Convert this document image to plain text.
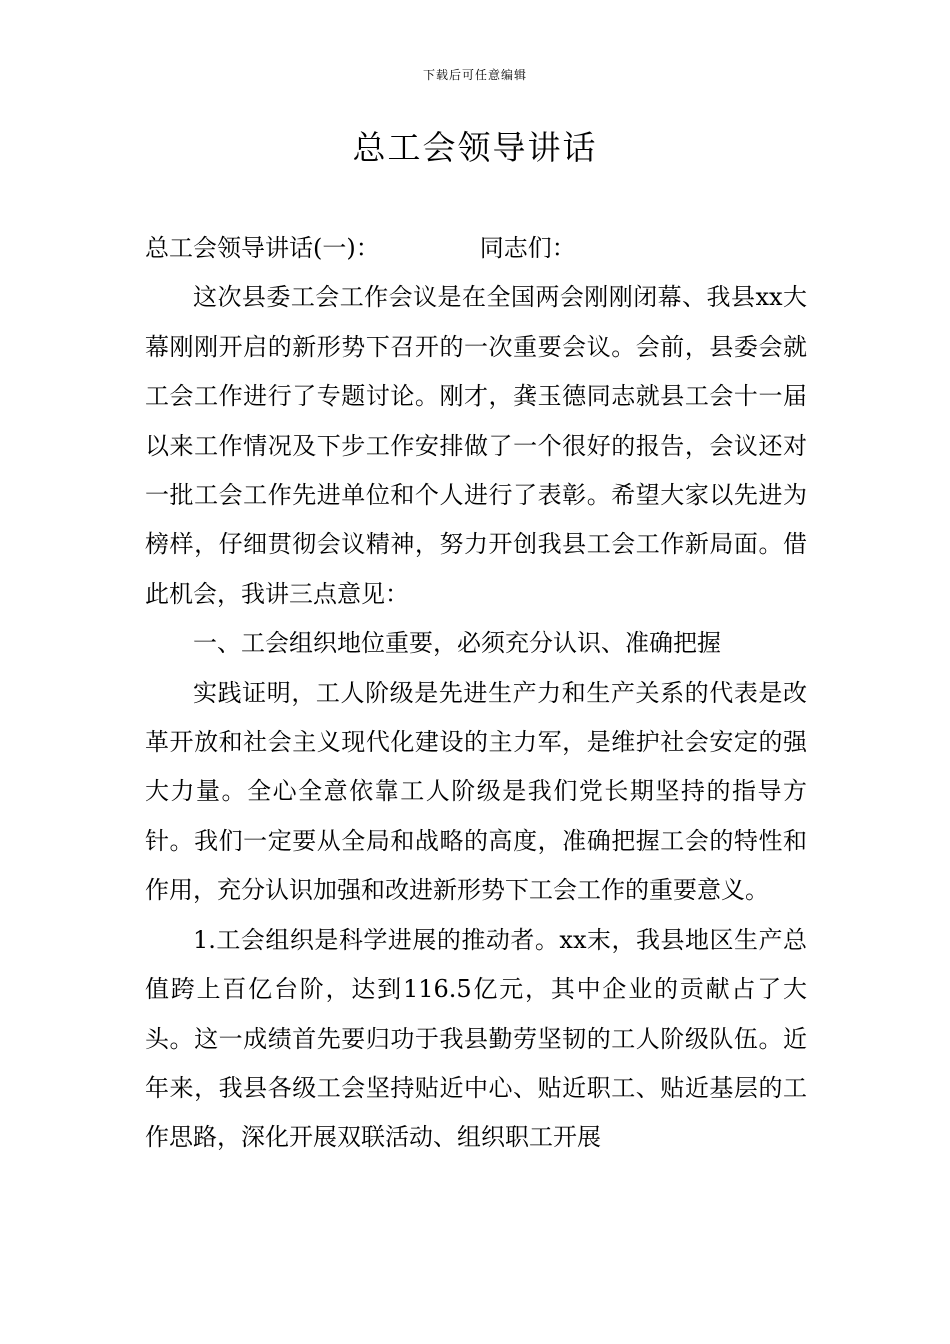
下载后可任意编辑
总工会领导讲话

总工会领导讲话(一)：	同志们：

这次县委工会工作会议是在全国两会刚刚闭幕、我县xx大幕刚刚开启的新形势下召开的一次重要会议。会前，县委会就工会工作进行了专题讨论。刚才，龚玉德同志就县工会十一届以来工作情况及下步工作安排做了一个很好的报告，会议还对一批工会工作先进单位和个人进行了表彰。希望大家以先进为榜样，仔细贯彻会议精神，努力开创我县工会工作新局面。借此机会，我讲三点意见：

一、工会组织地位重要，必须充分认识、准确把握

实践证明，工人阶级是先进生产力和生产关系的代表是改革开放和社会主义现代化建设的主力军，是维护社会安定的强大力量。全心全意依靠工人阶级是我们党长期坚持的指导方针。我们一定要从全局和战略的高度，准确把握工会的特性和作用，充分认识加强和改进新形势下工会工作的重要意义。

1.工会组织是科学进展的推动者。xx末，我县地区生产总值跨上百亿台阶，达到116.5亿元，其中企业的贡献占了大头。这一成绩首先要归功于我县勤劳坚韧的工人阶级队伍。近年来，我县各级工会坚持贴近中心、贴近职工、贴近基层的工作思路，深化开展双联活动、组织职工开展
